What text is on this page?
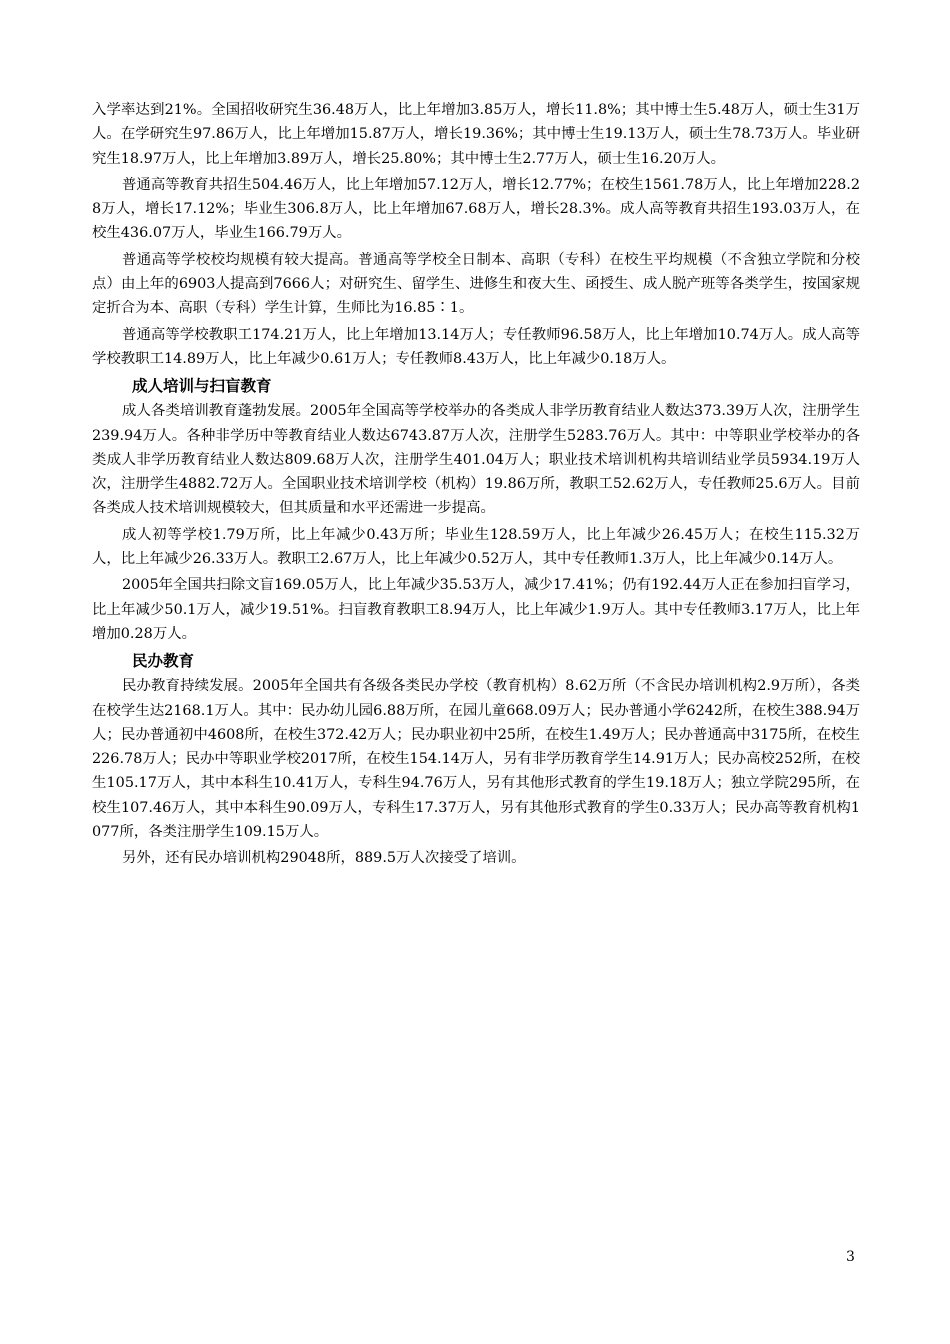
入学率达到21%。全国招收研究生36.48万人，比上年增加3.85万人，增长11.8%；其中博士生5.48万人，硕士生31万人。在学研究生97.86万人，比上年增加15.87万人，增长19.36%；其中博士生19.13万人，硕士生78.73万人。毕业研究生18.97万人，比上年增加3.89万人，增长25.80%；其中博士生2.77万人，硕士生16.20万人。

普通高等教育共招生504.46万人，比上年增加57.12万人，增长12.77%；在校生1561.78万人，比上年增加228.28万人，增长17.12%；毕业生306.8万人，比上年增加67.68万人，增长28.3%。成人高等教育共招生193.03万人，在校生436.07万人，毕业生166.79万人。

普通高等学校校均规模有较大提高。普通高等学校全日制本、高职（专科）在校生平均规模（不含独立学院和分校点）由上年的6903人提高到7666人；对研究生、留学生、进修生和夜大生、函授生、成人脱产班等各类学生，按国家规定折合为本、高职（专科）学生计算，生师比为16.85∶1。

普通高等学校教职工174.21万人，比上年增加13.14万人；专任教师96.58万人，比上年增加10.74万人。成人高等学校教职工14.89万人，比上年减少0.61万人；专任教师8.43万人，比上年减少0.18万人。

成人培训与扫盲教育

成人各类培训教育蓬勃发展。2005年全国高等学校举办的各类成人非学历教育结业人数达373.39万人次，注册学生239.94万人。各种非学历中等教育结业人数达6743.87万人次，注册学生5283.76万人。其中：中等职业学校举办的各类成人非学历教育结业人数达809.68万人次，注册学生401.04万人；职业技术培训机构共培训结业学员5934.19万人次，注册学生4882.72万人。全国职业技术培训学校（机构）19.86万所，教职工52.62万人，专任教师25.6万人。目前各类成人技术培训规模较大，但其质量和水平还需进一步提高。

成人初等学校1.79万所，比上年减少0.43万所；毕业生128.59万人，比上年减少26.45万人；在校生115.32万人，比上年减少26.33万人。教职工2.67万人，比上年减少0.52万人，其中专任教师1.3万人，比上年减少0.14万人。

2005年全国共扫除文盲169.05万人，比上年减少35.53万人，减少17.41%；仍有192.44万人正在参加扫盲学习，比上年减少50.1万人，减少19.51%。扫盲教育教职工8.94万人，比上年减少1.9万人。其中专任教师3.17万人，比上年增加0.28万人。

民办教育

民办教育持续发展。2005年全国共有各级各类民办学校（教育机构）8.62万所（不含民办培训机构2.9万所），各类在校学生达2168.1万人。其中：民办幼儿园6.88万所，在园儿童668.09万人；民办普通小学6242所，在校生388.94万人；民办普通初中4608所，在校生372.42万人；民办职业初中25所，在校生1.49万人；民办普通高中3175所，在校生226.78万人；民办中等职业学校2017所，在校生154.14万人，另有非学历教育学生14.91万人；民办高校252所，在校生105.17万人，其中本科生10.41万人，专科生94.76万人，另有其他形式教育的学生19.18万人；独立学院295所，在校生107.46万人，其中本科生90.09万人，专科生17.37万人，另有其他形式教育的学生0.33万人；民办高等教育机构1077所，各类注册学生109.15万人。

另外，还有民办培训机构29048所，889.5万人次接受了培训。

3
